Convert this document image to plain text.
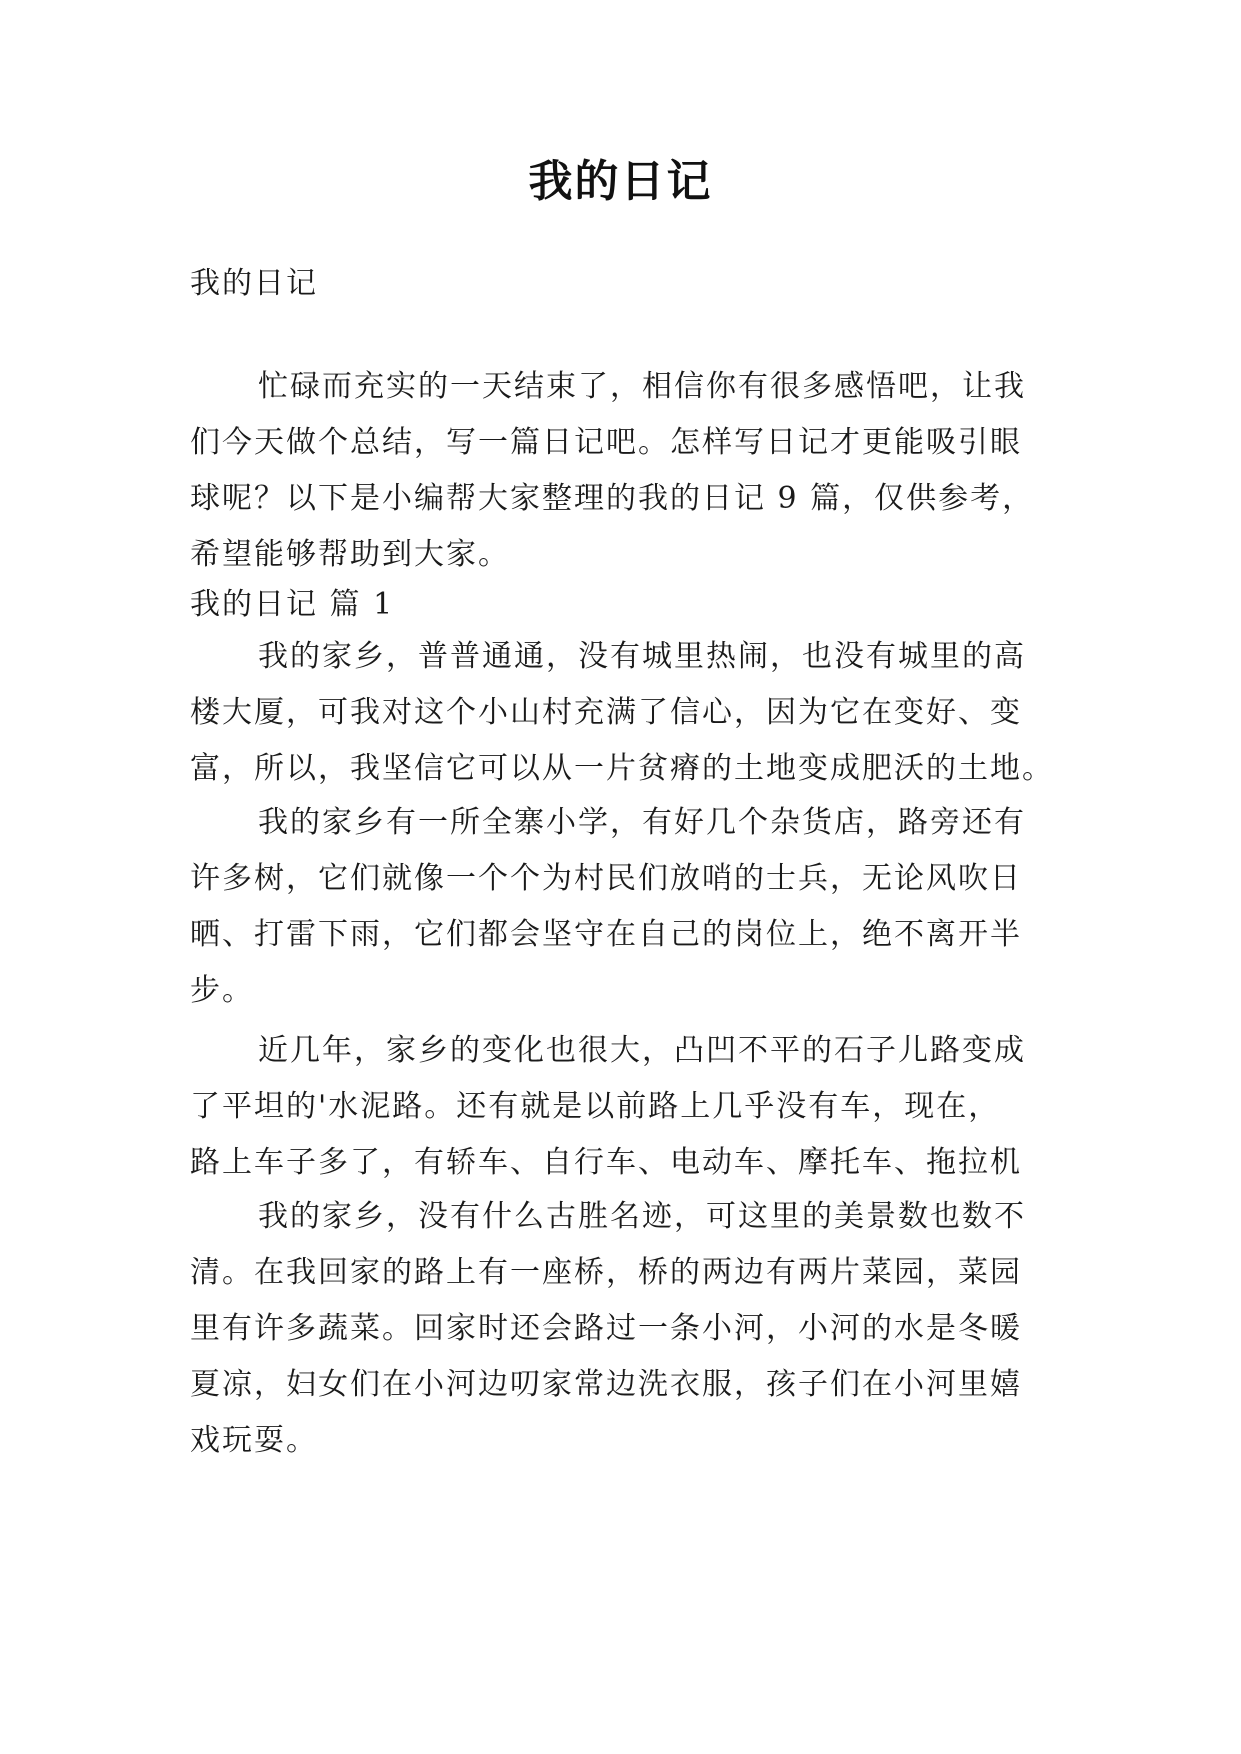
我的日记
我的日记
忙碌而充实的一天结束了，相信你有很多感悟吧，让我
们今天做个总结，写一篇日记吧。怎样写日记才更能吸引眼
球呢？以下是小编帮大家整理的我的日记 9 篇，仅供参考，
希望能够帮助到大家。
我的日记 篇 1
我的家乡，普普通通，没有城里热闹，也没有城里的高
楼大厦，可我对这个小山村充满了信心，因为它在变好、变
富，所以，我坚信它可以从一片贫瘠的土地变成肥沃的土地。
我的家乡有一所全寨小学，有好几个杂货店，路旁还有
许多树，它们就像一个个为村民们放哨的士兵，无论风吹日
晒、打雷下雨，它们都会坚守在自己的岗位上，绝不离开半
步。
近几年，家乡的变化也很大，凸凹不平的石子儿路变成
了平坦的'水泥路。还有就是以前路上几乎没有车，现在，
路上车子多了，有轿车、自行车、电动车、摩托车、拖拉机
我的家乡，没有什么古胜名迹，可这里的美景数也数不
清。在我回家的路上有一座桥，桥的两边有两片菜园，菜园
里有许多蔬菜。回家时还会路过一条小河，小河的水是冬暖
夏凉，妇女们在小河边叨家常边洗衣服，孩子们在小河里嬉
戏玩耍。
